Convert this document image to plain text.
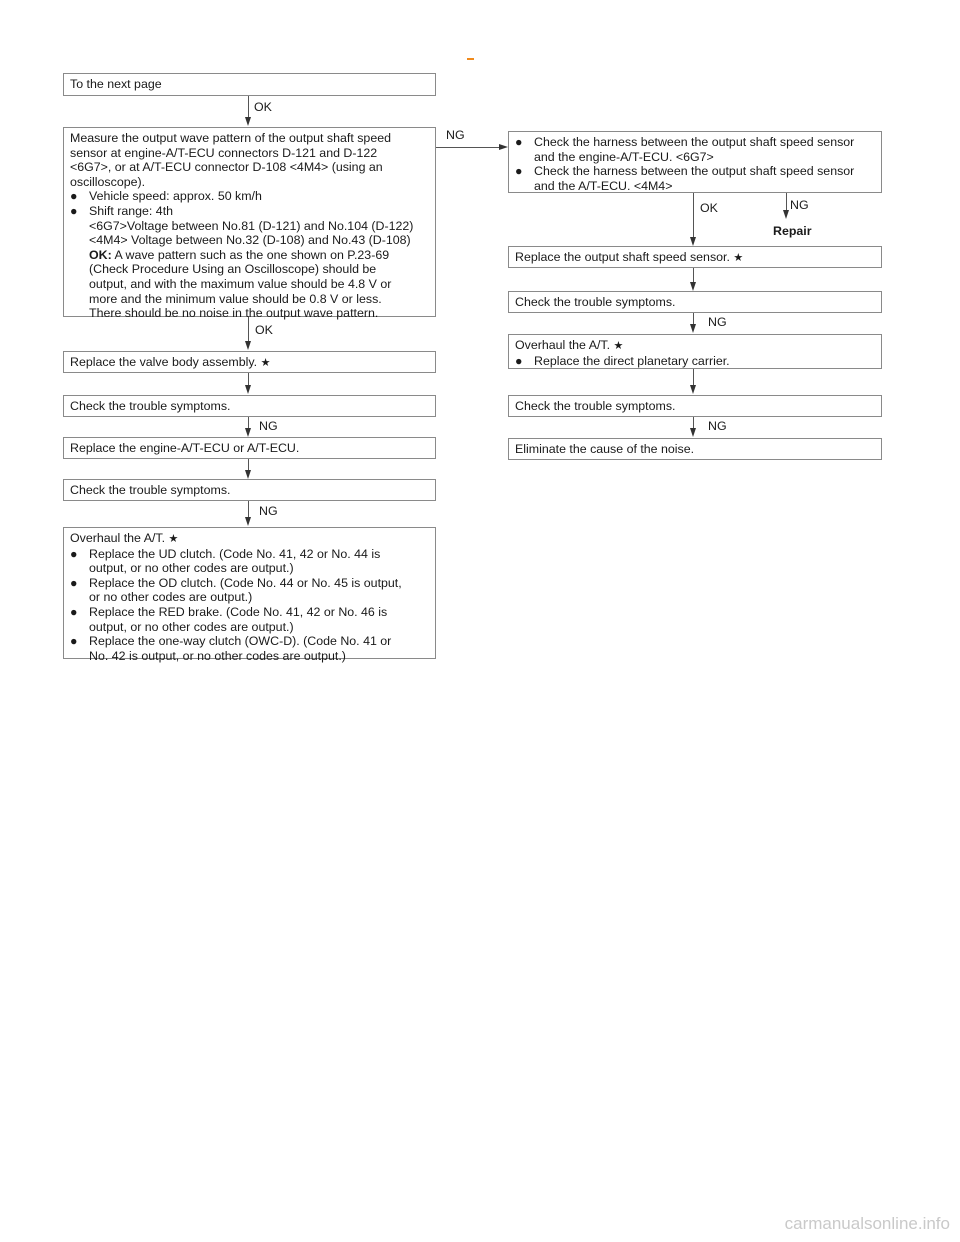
To the next page
OK
Measure the output wave pattern of the output shaft speed
sensor at engine-A/T-ECU connectors D-121 and D-122
<6G7>, or at A/T-ECU connector D-108 <4M4> (using an
oscilloscope).
● Vehicle speed: approx. 50 km/h
● Shift range: 4th
<6G7>Voltage between No.81 (D-121) and No.104 (D-122)
<4M4> Voltage between No.32 (D-108) and No.43 (D-108)
OK: A wave pattern such as the one shown on P.23-69
(Check Procedure Using an Oscilloscope) should be
output, and with the maximum value should be 4.8 V or
more and the minimum value should be 0.8 V or less.
There should be no noise in the output wave pattern.
NG
OK
Replace the valve body assembly. ★
Check the trouble symptoms.
NG
Replace the engine-A/T-ECU or A/T-ECU.
Check the trouble symptoms.
NG
Overhaul the A/T. ★
● Replace the UD clutch. (Code No. 41, 42 or No. 44 is
output, or no other codes are output.)
● Replace the OD clutch. (Code No. 44 or No. 45 is output,
or no other codes are output.)
● Replace the RED brake. (Code No. 41, 42 or No. 46 is
output, or no other codes are output.)
● Replace the one-way clutch (OWC-D). (Code No. 41 or
No. 42 is output, or no other codes are output.)
● Check the harness between the output shaft speed sensor
and the engine-A/T-ECU. <6G7>
● Check the harness between the output shaft speed sensor
and the A/T-ECU. <4M4>
OK	NG
Repair
Replace the output shaft speed sensor. ★
Check the trouble symptoms.
NG
Overhaul the A/T. ★
● Replace the direct planetary carrier.
Check the trouble symptoms.
NG
Eliminate the cause of the noise.
carmanualsonline.info
